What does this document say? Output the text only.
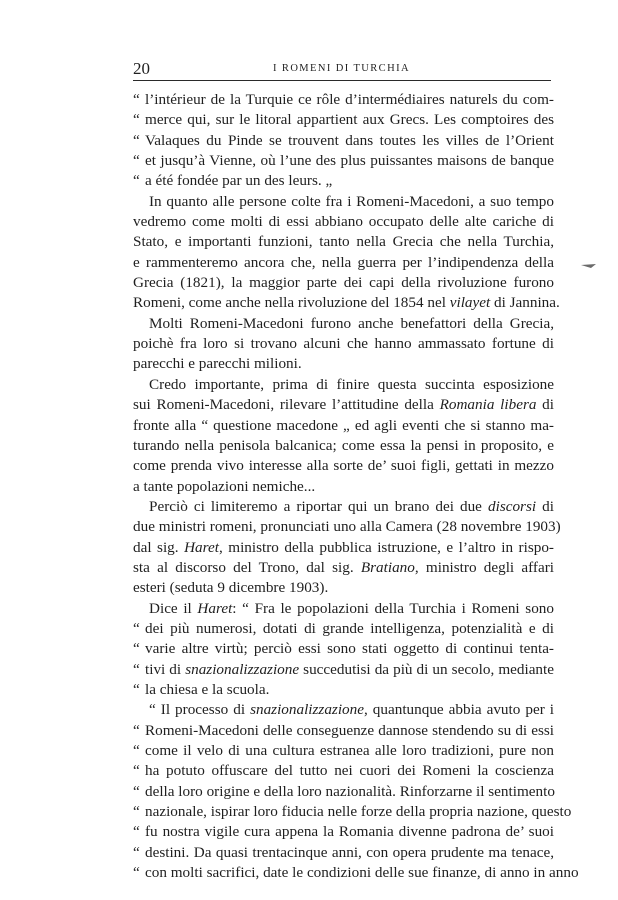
20	I ROMENI DI TURCHIA
“ l’intérieur de la Turquie ce rôle d’intermédiaires naturels du com-
“ merce qui, sur le litoral appartient aux Grecs. Les comptoires des
“ Valaques du Pinde se trouvent dans toutes les villes de l’Orient
“ et jusqu’à Vienne, où l’une des plus puissantes maisons de banque
“ a été fondée par un des leurs. „
In quanto alle persone colte fra i Romeni-Macedoni, a suo tempo
vedremo come molti di essi abbiano occupato delle alte cariche di
Stato, e importanti funzioni, tanto nella Grecia che nella Turchia,
e rammenteremo ancora che, nella guerra per l’indipendenza della
Grecia (1821), la maggior parte dei capi della rivoluzione furono
Romeni, come anche nella rivoluzione del 1854 nel vilayet di Jannina.
Molti Romeni-Macedoni furono anche benefattori della Grecia,
poichè fra loro si trovano alcuni che hanno ammassato fortune di
parecchi e parecchi milioni.
Credo importante, prima di finire questa succinta esposizione
sui Romeni-Macedoni, rilevare l’attitudine della Romania libera di
fronte alla “ questione macedone „ ed agli eventi che si stanno ma-
turando nella penisola balcanica; come essa la pensi in proposito, e
come prenda vivo interesse alla sorte de’ suoi figli, gettati in mezzo
a tante popolazioni nemiche...
Perciò ci limiteremo a riportar qui un brano dei due discorsi di
due ministri romeni, pronunciati uno alla Camera (28 novembre 1903)
dal sig. Haret, ministro della pubblica istruzione, e l’altro in rispo-
sta al discorso del Trono, dal sig. Bratiano, ministro degli affari
esteri (seduta 9 dicembre 1903).
Dice il Haret: “ Fra le popolazioni della Turchia i Romeni sono
“ dei più numerosi, dotati di grande intelligenza, potenzialità e di
“ varie altre virtù; perciò essi sono stati oggetto di continui tenta-
“ tivi di snazionalizzazione succedutisi da più di un secolo, mediante
“ la chiesa e la scuola.
“ Il processo di snazionalizzazione, quantunque abbia avuto per i
“ Romeni-Macedoni delle conseguenze dannose stendendo su di essi
“ come il velo di una cultura estranea alle loro tradizioni, pure non
“ ha potuto offuscare del tutto nei cuori dei Romeni la coscienza
“ della loro origine e della loro nazionalità. Rinforzarne il sentimento
“ nazionale, ispirar loro fiducia nelle forze della propria nazione, questo
“ fu nostra vigile cura appena la Romania divenne padrona de’ suoi
“ destini. Da quasi trentacinque anni, con opera prudente ma tenace,
“ con molti sacrifici, date le condizioni delle sue finanze, di anno in anno
